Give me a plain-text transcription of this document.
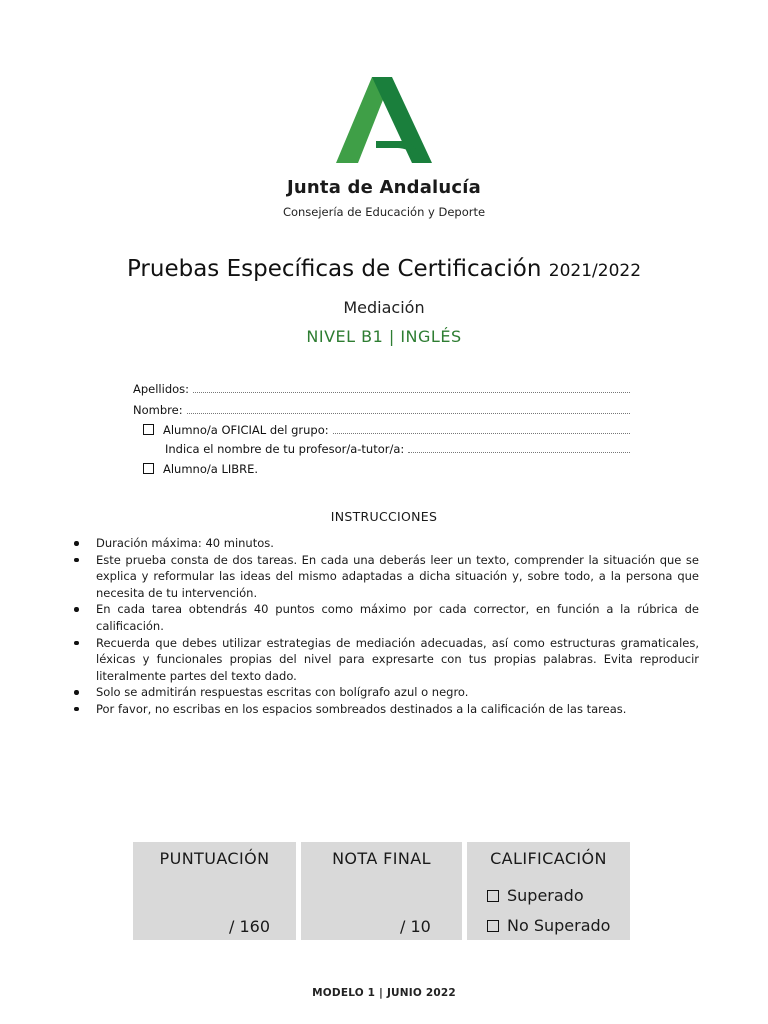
Junta de Andalucía
Consejería de Educación y Deporte
Pruebas Específicas de Certificación 2021/2022
Mediación
NIVEL B1 | INGLÉS
Apellidos:
Nombre:
Alumno/a OFICIAL del grupo:
Indica el nombre de tu profesor/a-tutor/a:
Alumno/a LIBRE.
INSTRUCCIONES
Duración máxima: 40 minutos.
Este prueba consta de dos tareas. En cada una deberás leer un texto, comprender la situación que se explica y reformular las ideas del mismo adaptadas a dicha situación y, sobre todo, a la persona que necesita de tu intervención.
En cada tarea obtendrás 40 puntos como máximo por cada corrector, en función a la rúbrica de calificación.
Recuerda que debes utilizar estrategias de mediación adecuadas, así como estructuras gramaticales, léxicas y funcionales propias del nivel para expresarte con tus propias palabras. Evita reproducir literalmente partes del texto dado.
Solo se admitirán respuestas escritas con bolígrafo azul o negro.
Por favor, no escribas en los espacios sombreados destinados a la calificación de las tareas.
PUNTUACIÓN
/ 160
NOTA FINAL
/ 10
CALIFICACIÓN
Superado
No Superado
MODELO 1 | JUNIO 2022
